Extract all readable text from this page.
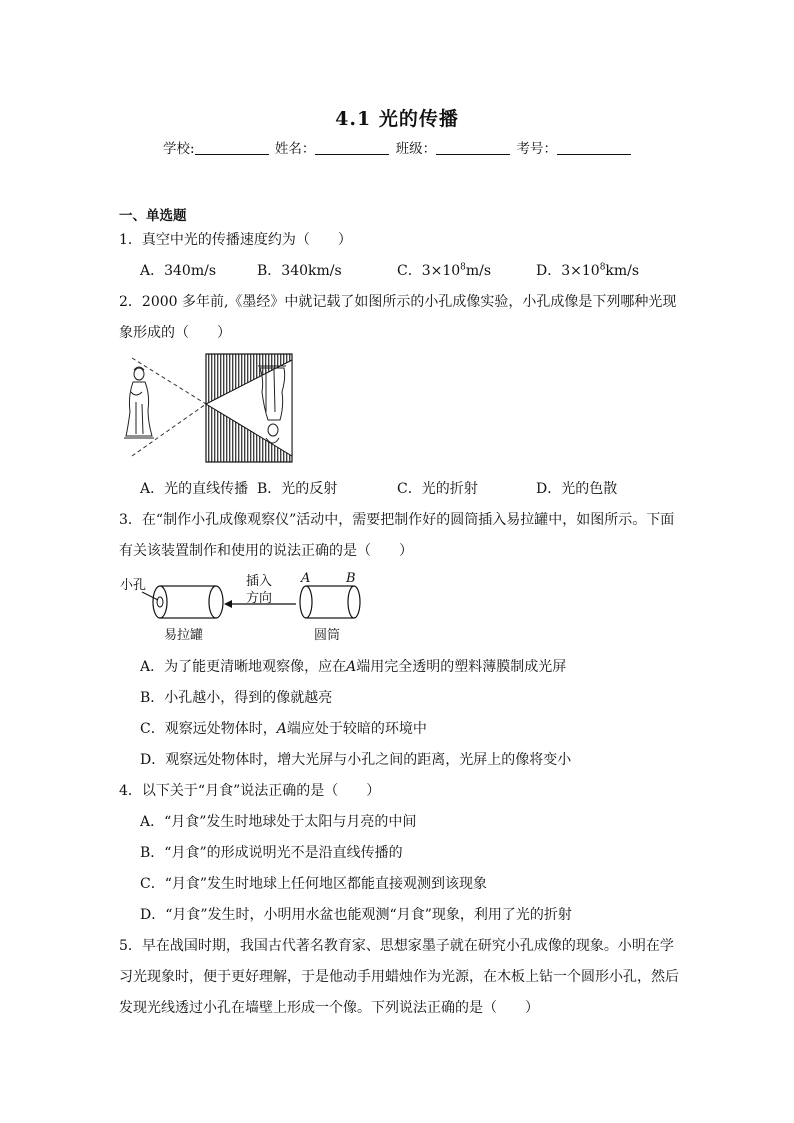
4.1 光的传播
学校:	姓名：	班级：	考号：
一、单选题
1．真空中光的传播速度约为（　　）
A．340m/s	B．340km/s	C．$3\times 10^8m/s$	D．$3\times 10^8km/s$
2．2000 多年前,《墨经》中就记载了如图所示的小孔成像实验，小孔成像是下列哪种光现
象形成的（　　）
A．光的直线传播 B．光的反射	C．光的折射	D．光的色散
3．在“制作小孔成像观察仪”活动中，需要把制作好的圆筒插入易拉罐中，如图所示。下面
有关该装置制作和使用的说法正确的是（　　）
小孔	插入
方向
A	B
易拉罐	圆筒
A．为了能更清晰地观察像，应在A端用完全透明的塑料薄膜制成光屏
B．小孔越小，得到的像就越亮
C．观察远处物体时，A端应处于较暗的环境中
D．观察远处物体时，增大光屏与小孔之间的距离，光屏上的像将变小
4．以下关于“月食”说法正确的是（　　）
A．“月食”发生时地球处于太阳与月亮的中间
B．“月食”的形成说明光不是沿直线传播的
C．“月食”发生时地球上任何地区都能直接观测到该现象
D．“月食”发生时，小明用水盆也能观测“月食”现象，利用了光的折射
5．早在战国时期，我国古代著名教育家、思想家墨子就在研究小孔成像的现象。小明在学
习光现象时，便于更好理解，于是他动手用蜡烛作为光源，在木板上钻一个圆形小孔，然后
发现光线透过小孔在墙壁上形成一个像。下列说法正确的是（　　）
